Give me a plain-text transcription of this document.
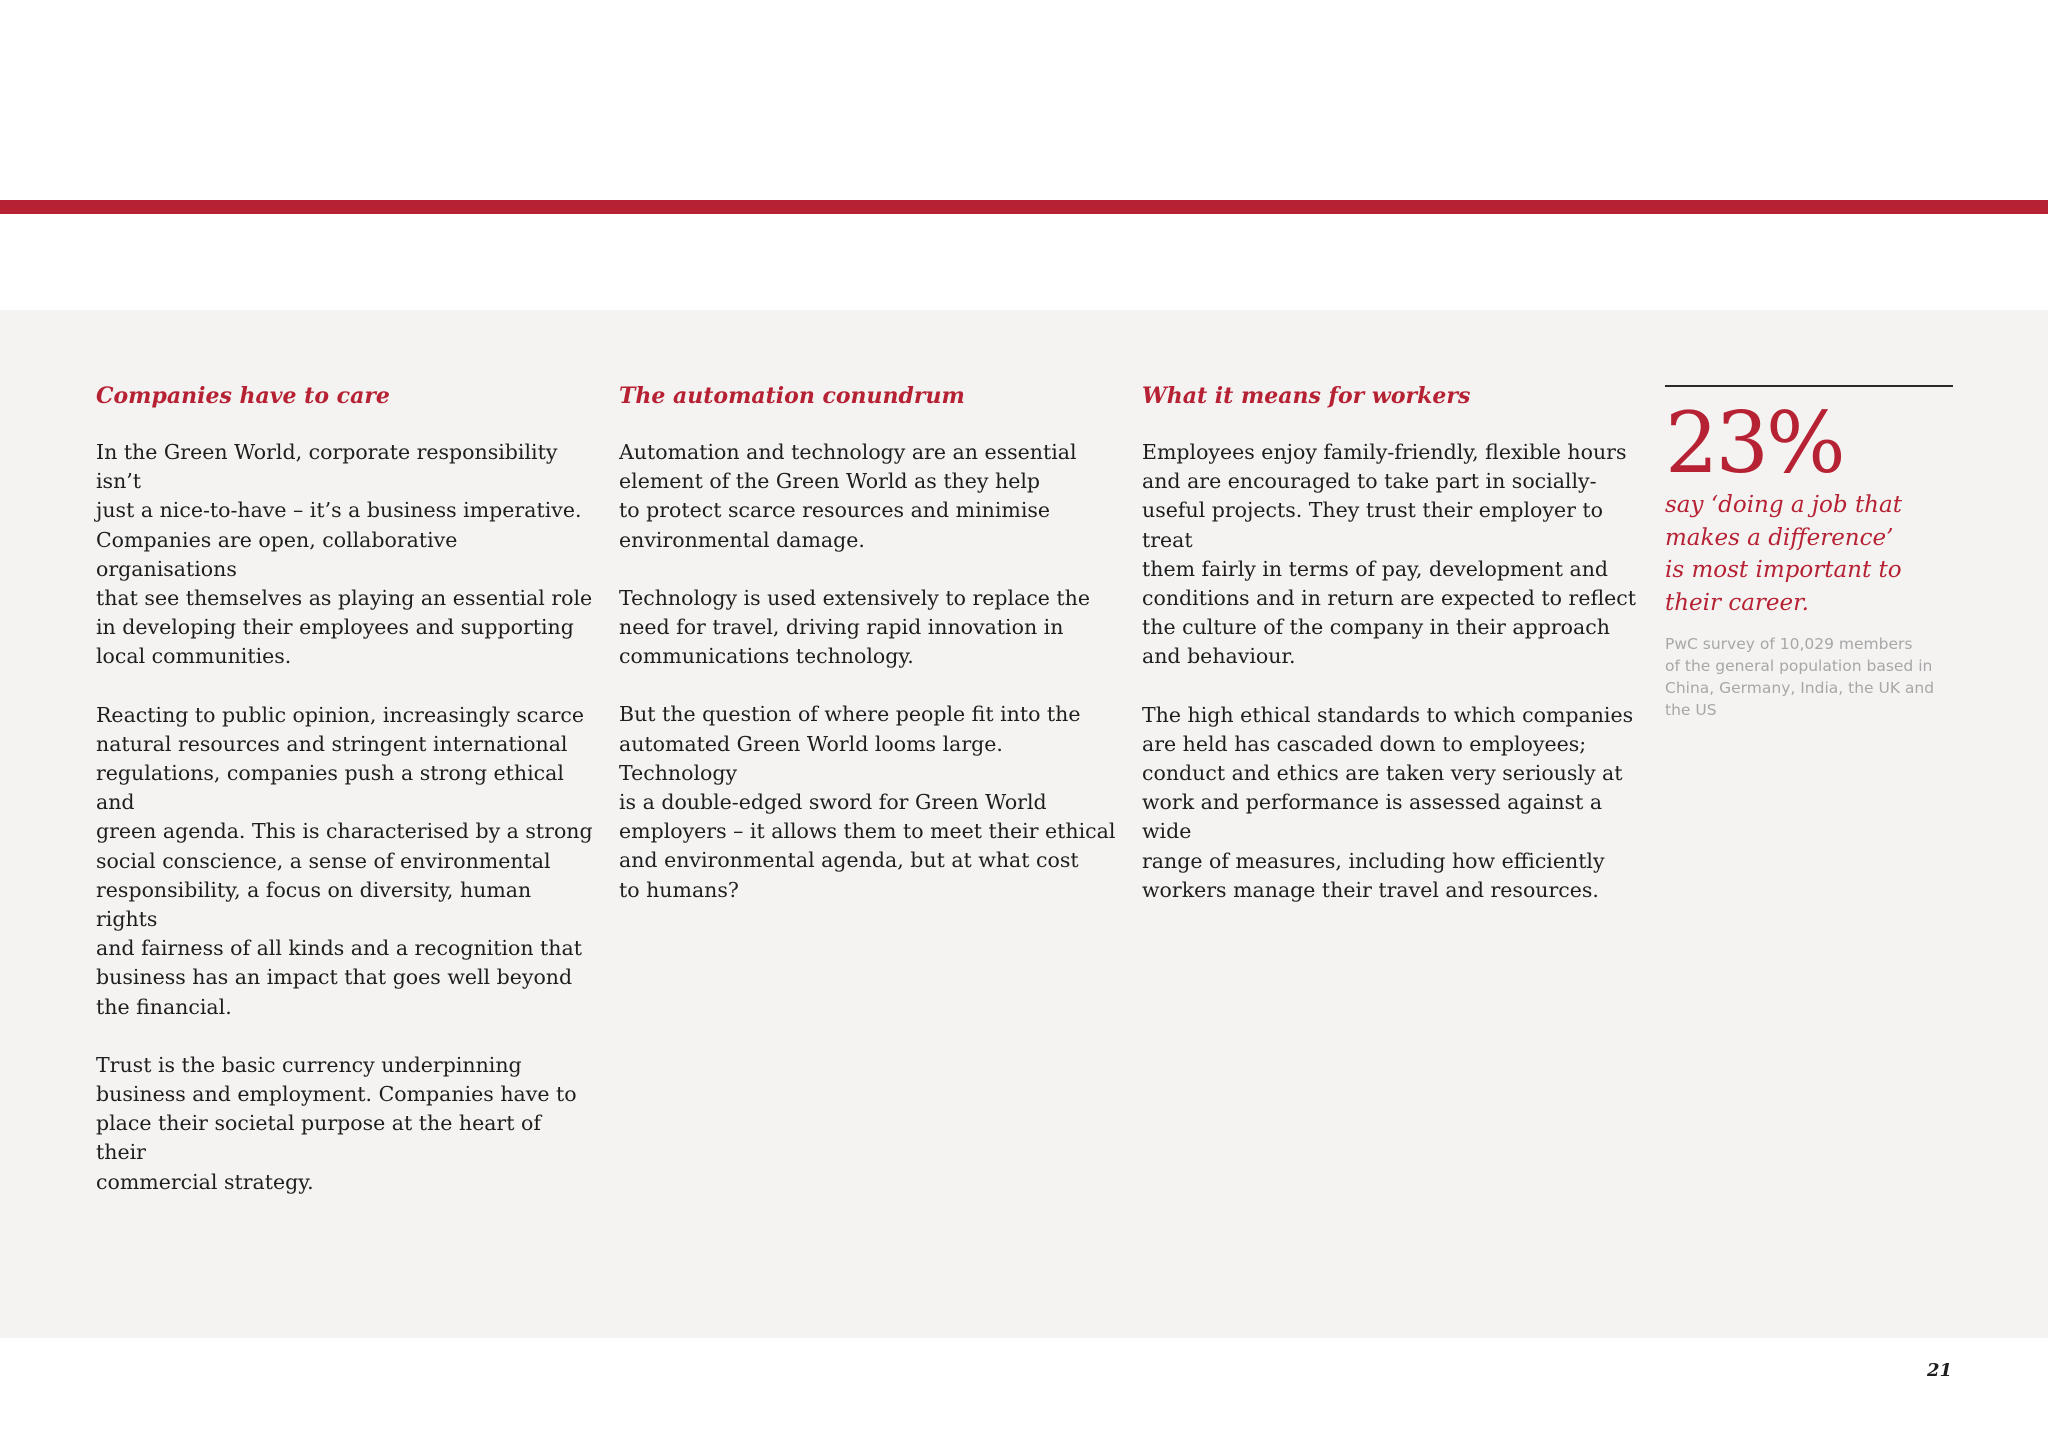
Companies have to care

In the Green World, corporate responsibility isn’t
just a nice-to-have – it’s a business imperative.
Companies are open, collaborative organisations
that see themselves as playing an essential role
in developing their employees and supporting
local communities.

Reacting to public opinion, increasingly scarce
natural resources and stringent international
regulations, companies push a strong ethical and
green agenda. This is characterised by a strong
social conscience, a sense of environmental
responsibility, a focus on diversity, human rights
and fairness of all kinds and a recognition that
business has an impact that goes well beyond
the financial.

Trust is the basic currency underpinning
business and employment. Companies have to
place their societal purpose at the heart of their
commercial strategy.

The automation conundrum

Automation and technology are an essential
element of the Green World as they help
to protect scarce resources and minimise
environmental damage.

Technology is used extensively to replace the
need for travel, driving rapid innovation in
communications technology.

But the question of where people fit into the
automated Green World looms large. Technology
is a double-edged sword for Green World
employers – it allows them to meet their ethical
and environmental agenda, but at what cost
to humans?

What it means for workers

Employees enjoy family-friendly, flexible hours
and are encouraged to take part in socially-
useful projects. They trust their employer to treat
them fairly in terms of pay, development and
conditions and in return are expected to reflect
the culture of the company in their approach
and behaviour.

The high ethical standards to which companies
are held has cascaded down to employees;
conduct and ethics are taken very seriously at
work and performance is assessed against a wide
range of measures, including how efficiently
workers manage their travel and resources.

23%
say ‘doing a job that
makes a difference’
is most important to
their career.
PwC survey of 10,029 members
of the general population based in
China, Germany, India, the UK and
the US
21
